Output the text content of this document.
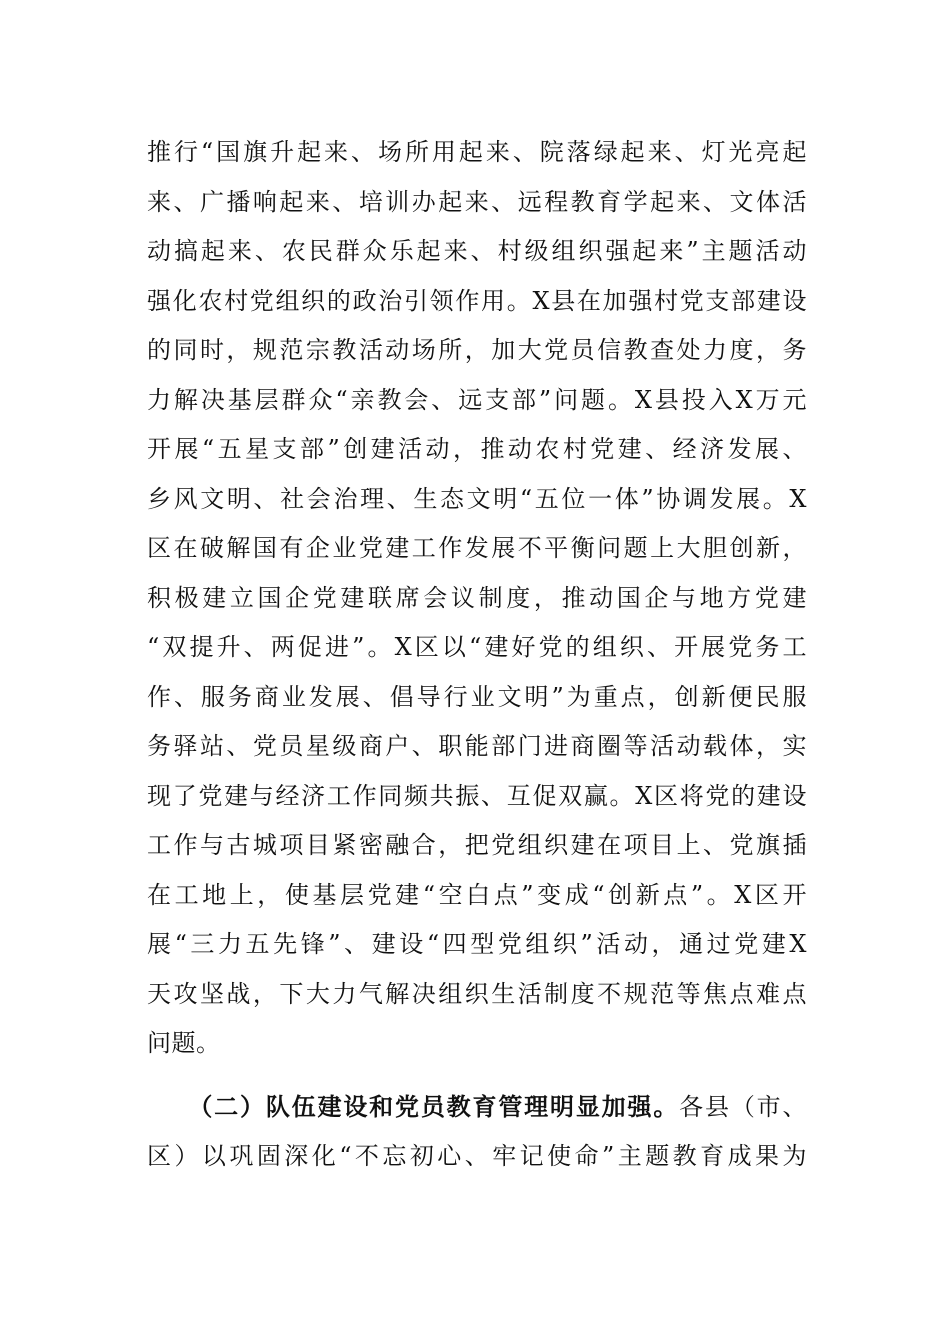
推行“国旗升起来、场所用起来、院落绿起来、灯光亮起
来、广播响起来、培训办起来、远程教育学起来、文体活
动搞起来、农民群众乐起来、村级组织强起来”主题活动
强化农村党组织的政治引领作用。X县在加强村党支部建设
的同时，规范宗教活动场所，加大党员信教查处力度，务
力解决基层群众“亲教会、远支部”问题。X县投入X万元
开展“五星支部”创建活动，推动农村党建、经济发展、
乡风文明、社会治理、生态文明“五位一体”协调发展。X
区在破解国有企业党建工作发展不平衡问题上大胆创新，
积极建立国企党建联席会议制度，推动国企与地方党建
“双提升、两促进”。X区以“建好党的组织、开展党务工
作、服务商业发展、倡导行业文明”为重点，创新便民服
务驿站、党员星级商户、职能部门进商圈等活动载体，实
现了党建与经济工作同频共振、互促双赢。X区将党的建设
工作与古城项目紧密融合，把党组织建在项目上、党旗插
在工地上，使基层党建“空白点”变成“创新点”。X区开
展“三力五先锋”、建设“四型党组织”活动，通过党建X
天攻坚战，下大力气解决组织生活制度不规范等焦点难点
问题。
（二）队伍建设和党员教育管理明显加强。各县（市、
区）以巩固深化“不忘初心、牢记使命”主题教育成果为
